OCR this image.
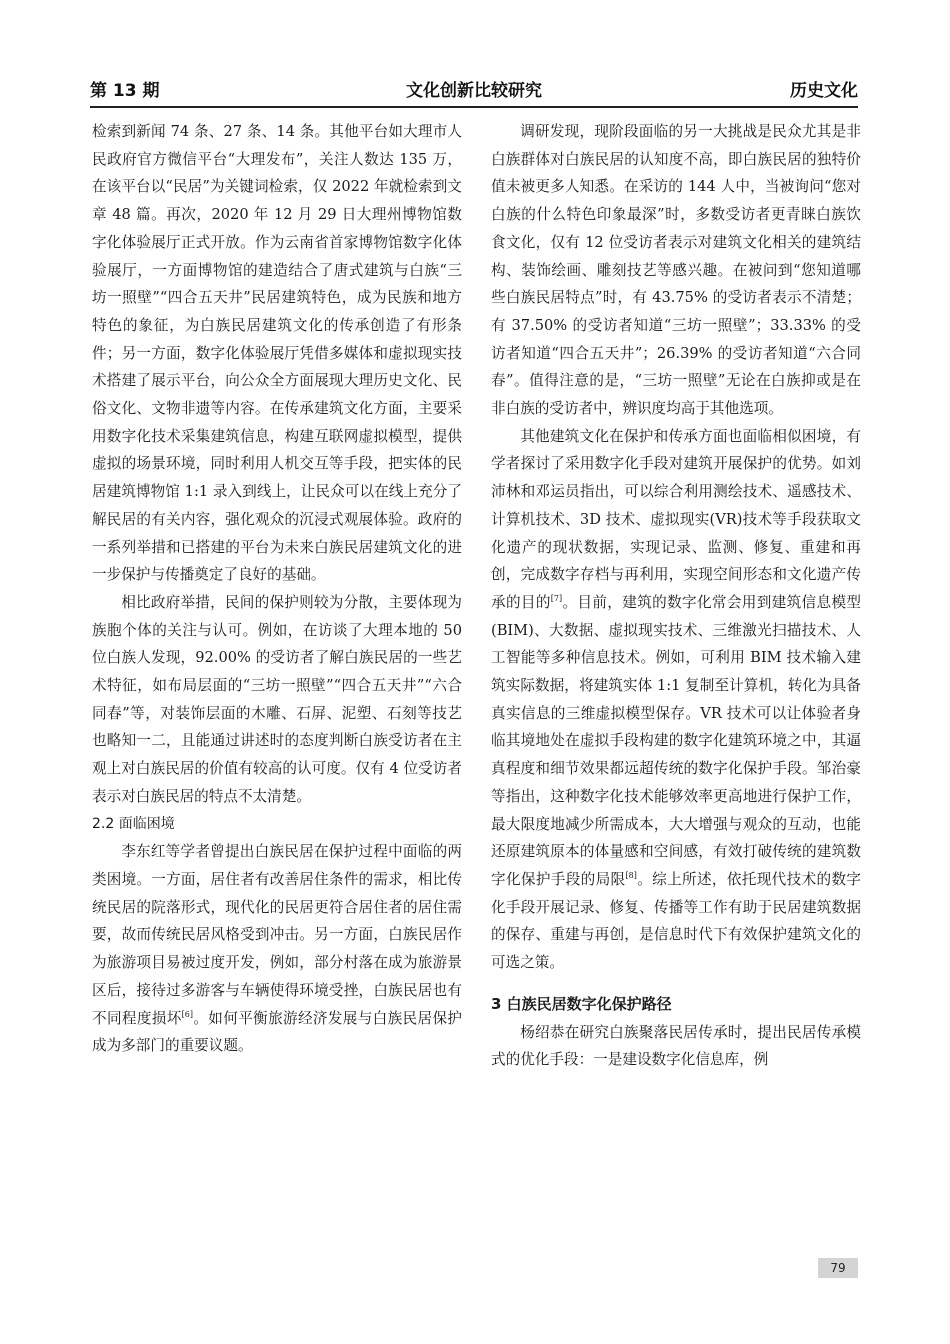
第 13 期	文化创新比较研究	历史文化

检索到新闻 74 条、27 条、14 条。其他平台如大理市人民政府官方微信平台“大理发布”，关注人数达 135 万，在该平台以“民居”为关键词检索，仅 2022 年就检索到文章 48 篇。再次，2020 年 12 月 29 日大理州博物馆数字化体验展厅正式开放。作为云南省首家博物馆数字化体验展厅，一方面博物馆的建造结合了唐式建筑与白族“三坊一照壁”“四合五天井”民居建筑特色，成为民族和地方特色的象征，为白族民居建筑文化的传承创造了有形条件；另一方面，数字化体验展厅凭借多媒体和虚拟现实技术搭建了展示平台，向公众全方面展现大理历史文化、民俗文化、文物非遗等内容。在传承建筑文化方面，主要采用数字化技术采集建筑信息，构建互联网虚拟模型，提供虚拟的场景环境，同时利用人机交互等手段，把实体的民居建筑博物馆 1:1 录入到线上，让民众可以在线上充分了解民居的有关内容，强化观众的沉浸式观展体验。政府的一系列举措和已搭建的平台为未来白族民居建筑文化的进一步保护与传播奠定了良好的基础。

相比政府举措，民间的保护则较为分散，主要体现为族胞个体的关注与认可。例如，在访谈了大理本地的 50 位白族人发现，92.00% 的受访者了解白族民居的一些艺术特征，如布局层面的“三坊一照壁”“四合五天井”“六合同春”等，对装饰层面的木雕、石屏、泥塑、石刻等技艺也略知一二，且能通过讲述时的态度判断白族受访者在主观上对白族民居的价值有较高的认可度。仅有 4 位受访者表示对白族民居的特点不太清楚。

2.2 面临困境

李东红等学者曾提出白族民居在保护过程中面临的两类困境。一方面，居住者有改善居住条件的需求，相比传统民居的院落形式，现代化的民居更符合居住者的居住需要，故而传统民居风格受到冲击。另一方面，白族民居作为旅游项目易被过度开发，例如，部分村落在成为旅游景区后，接待过多游客与车辆使得环境受挫，白族民居也有不同程度损坏[6]。如何平衡旅游经济发展与白族民居保护成为多部门的重要议题。

调研发现，现阶段面临的另一大挑战是民众尤其是非白族群体对白族民居的认知度不高，即白族民居的独特价值未被更多人知悉。在采访的 144 人中，当被询问“您对白族的什么特色印象最深”时，多数受访者更青睐白族饮食文化，仅有 12 位受访者表示对建筑文化相关的建筑结构、装饰绘画、雕刻技艺等感兴趣。在被问到“您知道哪些白族民居特点”时，有 43.75% 的受访者表示不清楚；有 37.50% 的受访者知道“三坊一照壁”；33.33% 的受访者知道“四合五天井”；26.39% 的受访者知道“六合同春”。值得注意的是，“三坊一照壁”无论在白族抑或是在非白族的受访者中，辨识度均高于其他选项。

其他建筑文化在保护和传承方面也面临相似困境，有学者探讨了采用数字化手段对建筑开展保护的优势。如刘沛林和邓运员指出，可以综合利用测绘技术、遥感技术、计算机技术、3D 技术、虚拟现实(VR)技术等手段获取文化遗产的现状数据，实现记录、监测、修复、重建和再创，完成数字存档与再利用，实现空间形态和文化遗产传承的目的[7]。目前，建筑的数字化常会用到建筑信息模型(BIM)、大数据、虚拟现实技术、三维激光扫描技术、人工智能等多种信息技术。例如，可利用 BIM 技术输入建筑实际数据，将建筑实体 1:1 复制至计算机，转化为具备真实信息的三维虚拟模型保存。VR 技术可以让体验者身临其境地处在虚拟手段构建的数字化建筑环境之中，其逼真程度和细节效果都远超传统的数字化保护手段。邹治豪等指出，这种数字化技术能够效率更高地进行保护工作，最大限度地减少所需成本，大大增强与观众的互动，也能还原建筑原本的体量感和空间感，有效打破传统的建筑数字化保护手段的局限[8]。综上所述，依托现代技术的数字化手段开展记录、修复、传播等工作有助于民居建筑数据的保存、重建与再创，是信息时代下有效保护建筑文化的可选之策。

3 白族民居数字化保护路径

杨绍恭在研究白族聚落民居传承时，提出民居传承模式的优化手段：一是建设数字化信息库，例

79
